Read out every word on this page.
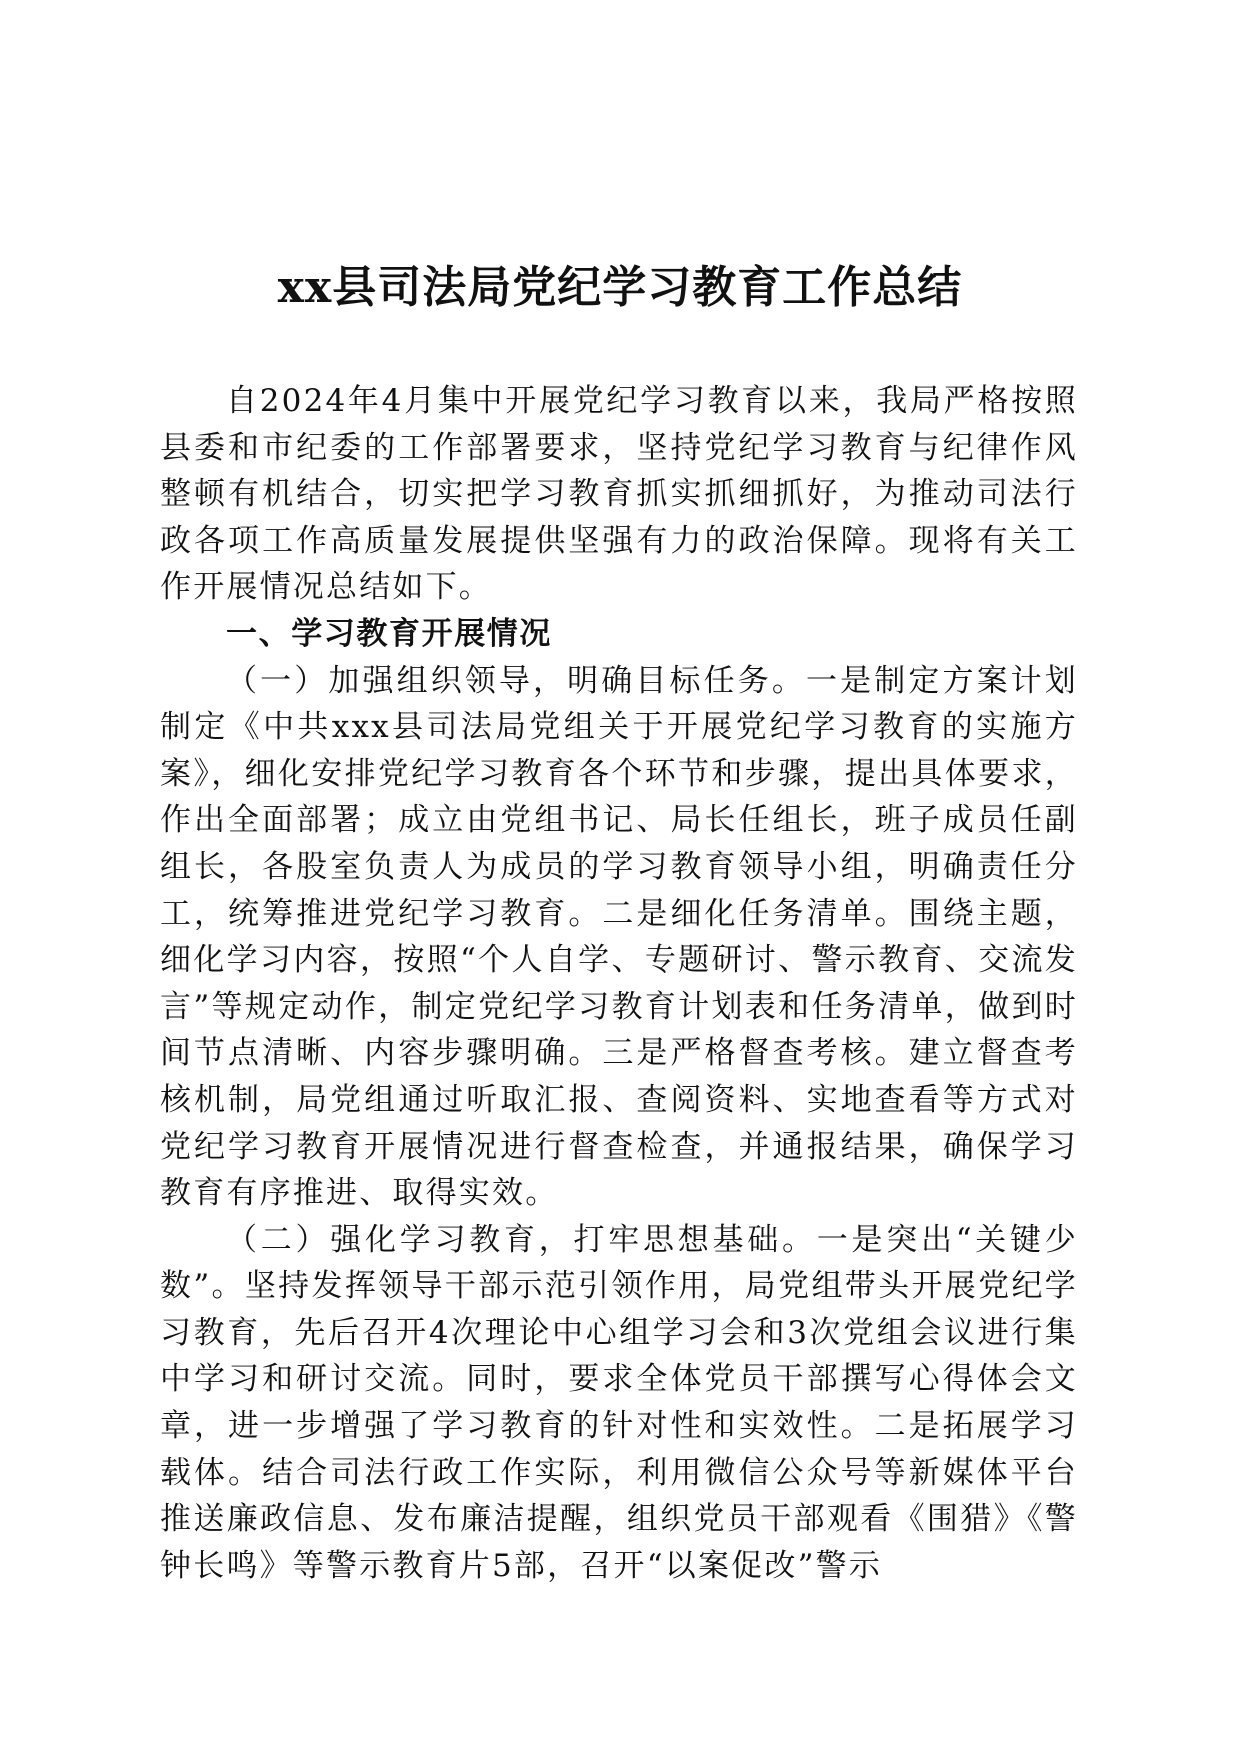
xx县司法局党纪学习教育工作总结

自2024年4月集中开展党纪学习教育以来，我局严格按照县委和市纪委的工作部署要求，坚持党纪学习教育与纪律作风整顿有机结合，切实把学习教育抓实抓细抓好，为推动司法行政各项工作高质量发展提供坚强有力的政治保障。现将有关工作开展情况总结如下。

一、学习教育开展情况

（一）加强组织领导，明确目标任务。一是制定方案计划制定《中共xxx县司法局党组关于开展党纪学习教育的实施方案》，细化安排党纪学习教育各个环节和步骤，提出具体要求，作出全面部署；成立由党组书记、局长任组长，班子成员任副组长，各股室负责人为成员的学习教育领导小组，明确责任分工，统筹推进党纪学习教育。二是细化任务清单。围绕主题，细化学习内容，按照“个人自学、专题研讨、警示教育、交流发言”等规定动作，制定党纪学习教育计划表和任务清单，做到时间节点清晰、内容步骤明确。三是严格督查考核。建立督查考核机制，局党组通过听取汇报、查阅资料、实地查看等方式对党纪学习教育开展情况进行督查检查，并通报结果，确保学习教育有序推进、取得实效。

（二）强化学习教育，打牢思想基础。一是突出“关键少数”。坚持发挥领导干部示范引领作用，局党组带头开展党纪学习教育，先后召开4次理论中心组学习会和3次党组会议进行集中学习和研讨交流。同时，要求全体党员干部撰写心得体会文章，进一步增强了学习教育的针对性和实效性。二是拓展学习载体。结合司法行政工作实际，利用微信公众号等新媒体平台推送廉政信息、发布廉洁提醒，组织党员干部观看《围猎》《警钟长鸣》等警示教育片5部，召开“以案促改”警示
